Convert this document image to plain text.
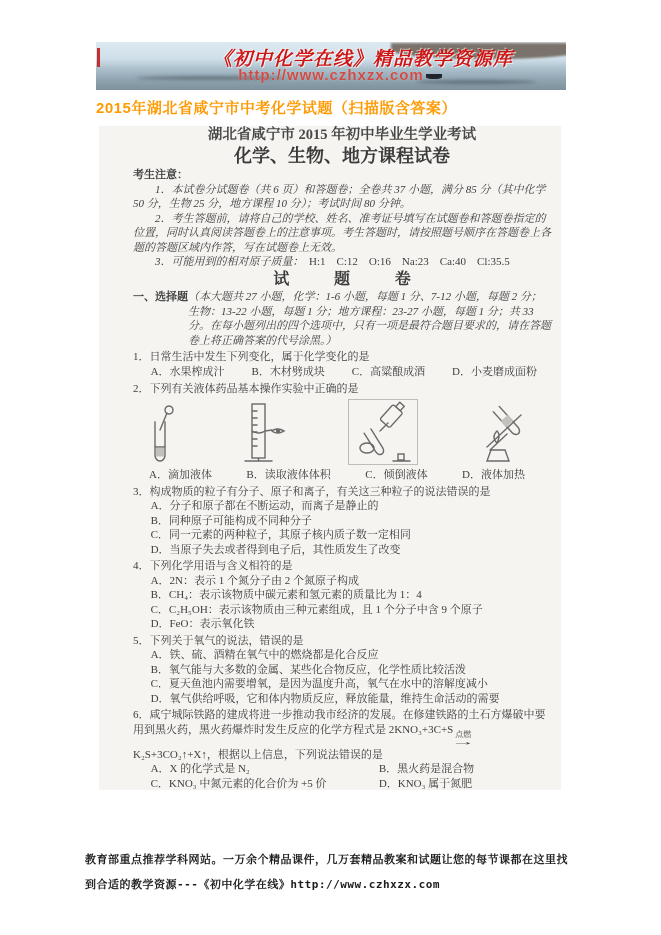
《初中化学在线》精品教学资源库
http://www.czhxzx.com
2015年湖北省咸宁市中考化学试题（扫描版含答案）

湖北省咸宁市 2015 年初中毕业生学业考试

化学、生物、地方课程试卷

考生注意：

1．本试卷分试题卷（共 6 页）和答题卷；全卷共 37 小题，满分 85 分（其中化学 50 分，生物 25 分，地方课程 10 分）；考试时间 80 分钟。

2．考生答题前，请将自己的学校、姓名、准考证号填写在试题卷和答题卷指定的位置，同时认真阅读答题卷上的注意事项。考生答题时，请按照题号顺序在答题卷上各题的答题区域内作答，写在试题卷上无效。

3．可能用到的相对原子质量：　 H:1    C:12    O:16    Na:23    Ca:40    Cl:35.5

试　题　卷

一、选择题（本大题共 27 小题，化学：1-6 小题，每题 1 分、7-12 小题，每题 2 分；生物：13-22 小题，每题 1 分；地方课程：23-27 小题，每题 1 分；共 33 分。在每小题列出的四个选项中，只有一项是最符合题目要求的，请在答题卷上将正确答案的代号涂黑。）

1．日常生活中发生下列变化，属于化学变化的是

A．水果榨成汁 B．木材劈成块 C．高粱酿成酒 D．小麦磨成面粉

2．下列有关液体药品基本操作实验中正确的是

A．滴加液体	B．读取液体体积	C．倾倒液体	D．液体加热

3．构成物质的粒子有分子、原子和离子，有关这三种粒子的说法错误的是

A．分子和原子都在不断运动，而离子是静止的

B．同种原子可能构成不同种分子

C．同一元素的两种粒子，其原子核内质子数一定相同

D．当原子失去或者得到电子后，其性质发生了改变

4．下列化学用语与含义相符的是

A．2N：表示 1 个氮分子由 2 个氮原子构成

B．CH₄：表示该物质中碳元素和氢元素的质量比为 1：4

C．C₂H₅OH：表示该物质由三种元素组成，且 1 个分子中含 9 个原子

D．FeO：表示氧化铁

5．下列关于氧气的说法，错误的是

A．铁、硫、酒精在氧气中的燃烧都是化合反应

B．氧气能与大多数的金属、某些化合物反应，化学性质比较活泼

C．夏天鱼池内需要增氧，是因为温度升高，氧气在水中的溶解度减小

D．氧气供给呼吸，它和体内物质反应，释放能量，维持生命活动的需要

6．咸宁城际铁路的建成将进一步推动我市经济的发展。在修建铁路的土石方爆破中要用到黑火药，黑火药爆炸时发生反应的化学方程式是 2KNO₃+3C+S 点燃
→
K₂S+3CO₂↑+X↑，根据以上信息，下列说法错误的是

A．X 的化学式是 N₂	B．黑火药是混合物
C．KNO₃ 中氮元素的化合价为 +5 价	D．KNO₃ 属于氮肥
教育部重点推荐学科网站。一万余个精品课件，几万套精品教案和试题让您的每节课都在这里找到合适的教学资源---《初中化学在线》http://www.czhxzx.com
